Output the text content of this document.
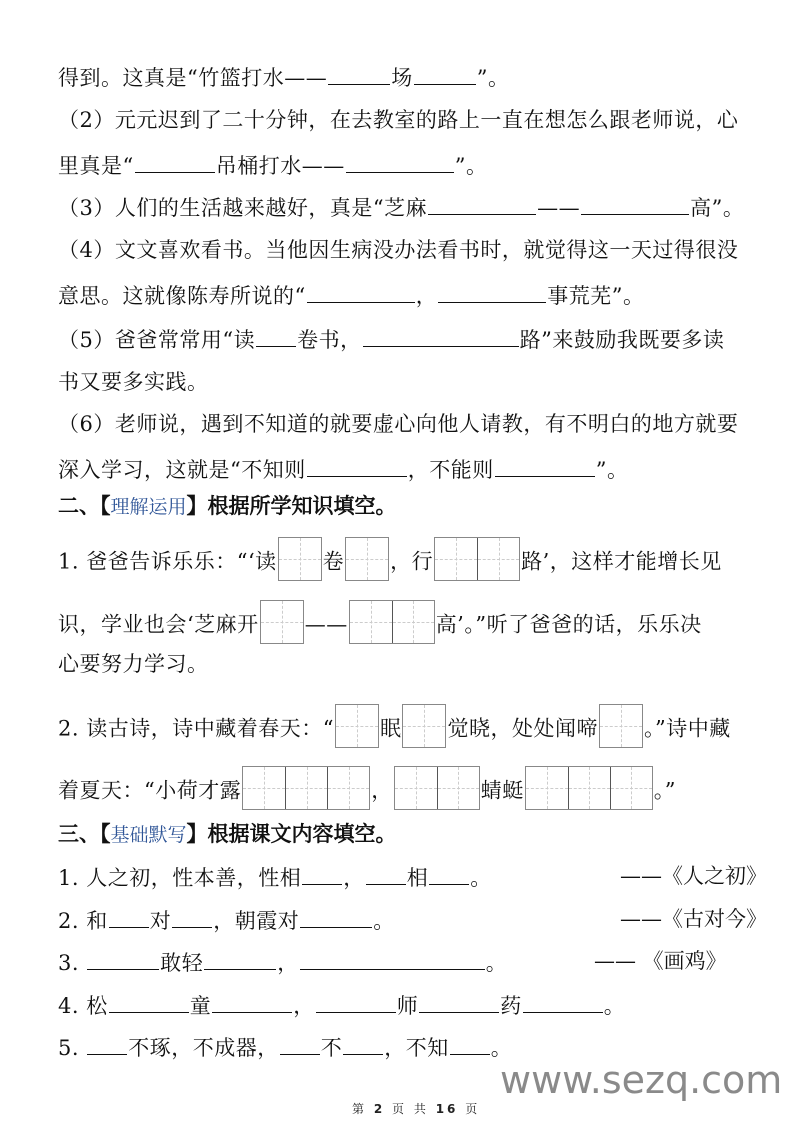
得到。这真是“竹篮打水——	场	”。
（2）元元迟到了二十分钟，在去教室的路上一直在想怎么跟老师说，心
里真是“	吊桶打水——	”。
（3）人们的生活越来越好，真是“芝麻	——	高”。
（4）文文喜欢看书。当他因生病没办法看书时，就觉得这一天过得很没
意思。这就像陈寿所说的“	，	事荒芜”。
（5）爸爸常常用“读 卷书，	路”来鼓励我既要多读
书又要多实践。
（6）老师说，遇到不知道的就要虚心向他人请教，有不明白的地方就要
深入学习，这就是“不知则	，不能则	”。
二、【理解运用】根据所学知识填空。
1. 爸爸告诉乐乐：“‘读 卷 ，行	路’，这样才能增长见
识，学业也会‘芝麻开 ——	高’。”听了爸爸的话，乐乐决
心要努力学习。
2. 读古诗，诗中藏着春天：“ 眠 觉晓，处处闻啼 。”诗中藏
着夏天：“小荷才露	，	蜻蜓	。”
三、【基础默写】根据课文内容填空。
1. 人之初，性本善，性相 ， 相 。	——《人之初》
2. 和 对 ，朝霞对	。	——《古对今》
3.	敢轻	，	。	—— 《画鸡》
4. 松	童	，	师	药	。
5. 不琢，不成器， 不 ，不知 。
www.sezq.com
第 2 页 共 16 页
